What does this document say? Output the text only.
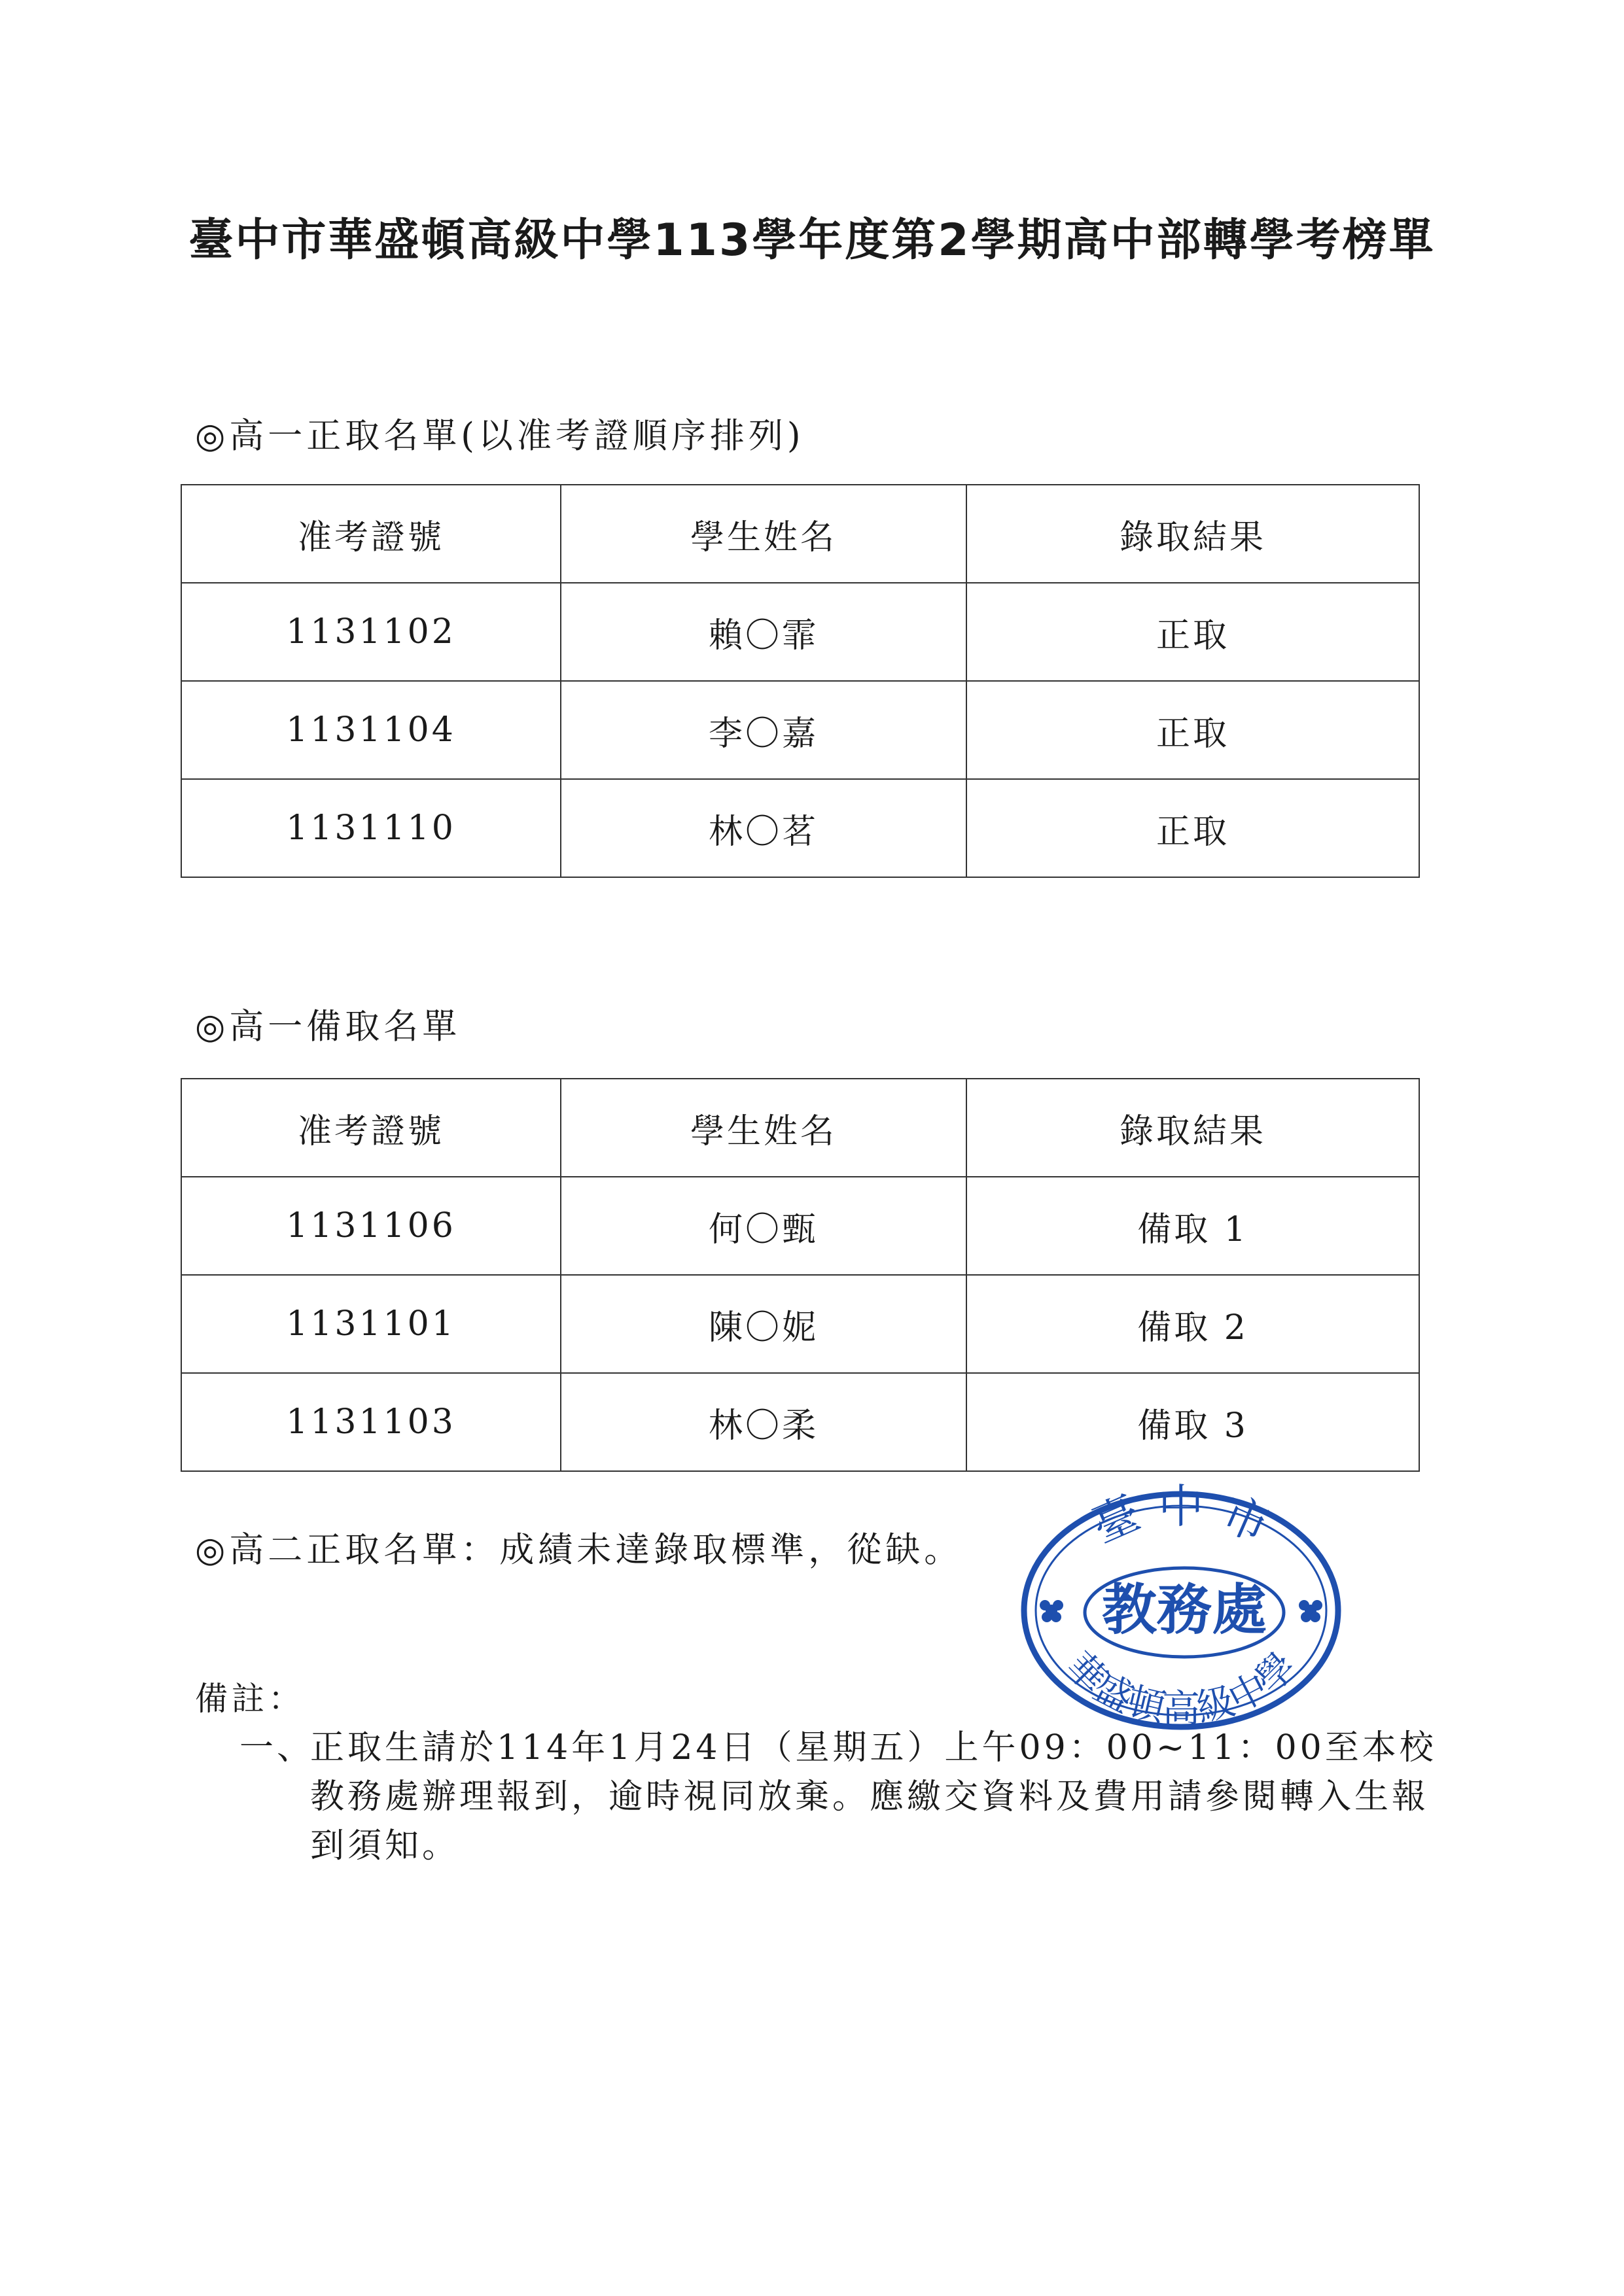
臺中市華盛頓高級中學113學年度第2學期高中部轉學考榜單
◎高一正取名單(以准考證順序排列)
准考證號	學生姓名	錄取結果
1131102	賴〇霏	正取
1131104	李〇嘉	正取
1131110	林〇茗	正取
◎高一備取名單
准考證號	學生姓名	錄取結果
1131106	何〇甄	備取 1
1131101	陳〇妮	備取 2
1131103	林〇柔	備取 3
◎高二正取名單：成績未達錄取標準，從缺。	臺 中 市
教務處
華盛頓高級中學
備註：
一、
正取生請於114年1月24日（星期五）上午09：00~11：00至本校教務處辦理報到，逾時視同放棄。應繳交資料及費用請參閱轉入生報到須知。
